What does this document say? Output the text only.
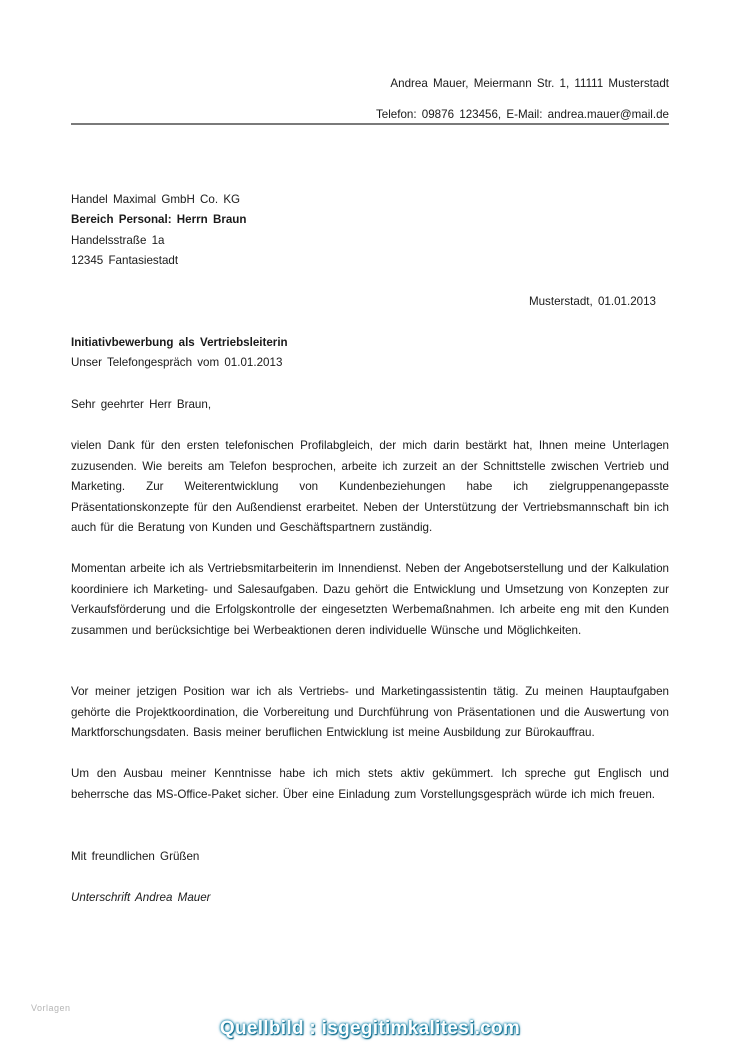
Andrea Mauer, Meiermann Str. 1, 11111 Musterstadt
Telefon: 09876 123456, E-Mail: andrea.mauer@mail.de
Handel Maximal GmbH Co. KG
Bereich Personal: Herrn Braun
Handelsstraße 1a
12345 Fantasiestadt
Musterstadt, 01.01.2013
Initiativbewerbung als Vertriebsleiterin
Unser Telefongespräch vom 01.01.2013
Sehr geehrter Herr Braun,
vielen Dank für den ersten telefonischen Profilabgleich, der mich darin bestärkt hat, Ihnen meine Unterlagen zuzusenden. Wie bereits am Telefon besprochen, arbeite ich zurzeit an der Schnittstelle zwischen Vertrieb und Marketing. Zur Weiterentwicklung von Kundenbeziehungen habe ich zielgruppenangepasste Präsentationskonzepte für den Außendienst erarbeitet. Neben der Unterstützung der Vertriebsmannschaft bin ich auch für die Beratung von Kunden und Geschäftspartnern zuständig.
Momentan arbeite ich als Vertriebsmitarbeiterin im Innendienst. Neben der Angebotserstellung und der Kalkulation koordiniere ich Marketing- und Salesaufgaben. Dazu gehört die Entwicklung und Umsetzung von Konzepten zur Verkaufsförderung und die Erfolgskontrolle der eingesetzten Werbemaßnahmen. Ich arbeite eng mit den Kunden zusammen und berücksichtige bei Werbeaktionen deren individuelle Wünsche und Möglichkeiten.
Vor meiner jetzigen Position war ich als Vertriebs- und Marketingassistentin tätig. Zu meinen Hauptaufgaben gehörte die Projektkoordination, die Vorbereitung und Durchführung von Präsentationen und die Auswertung von Marktforschungsdaten. Basis meiner beruflichen Entwicklung ist meine Ausbildung zur Bürokauffrau.
Um den Ausbau meiner Kenntnisse habe ich mich stets aktiv gekümmert. Ich spreche gut Englisch und beherrsche das MS-Office-Paket sicher. Über eine Einladung zum Vorstellungsgespräch würde ich mich freuen.
Mit freundlichen Grüßen
Unterschrift Andrea Mauer
Vorlagen
Quellbild : isgegitimkalitesi.com
